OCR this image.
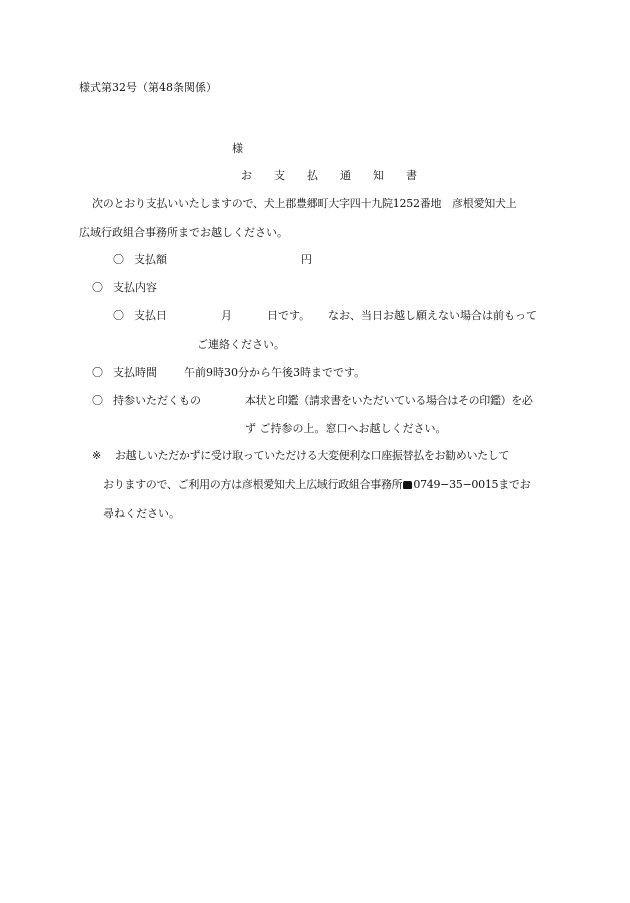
様式第32号（第48条関係）
様
お 支 払 通 知 書
次のとおり支払いいたしますので、犬上郡豊郷町大字四十九院1252番地　彦根愛知犬上
広域行政組合事務所までお越しください。
〇 支払額	円
〇 支払内容
〇 支払日	月	日です。 なお、当日お越し願えない場合は前もって
ご連絡ください。
〇 支払時間 午前9時30分から午後3時までです。
〇 持参いただくもの	本状と印鑑（請求書をいただいている場合はその印鑑）を必
ず ご持参の上。窓口へお越しください。
※ お越しいただかずに受け取っていただける大変便利な口座振替払をお勧めいたして
おりますので、ご利用の方は彦根愛知犬上広域行政組合事務所 0749−35−0015までお
尋ねください。
